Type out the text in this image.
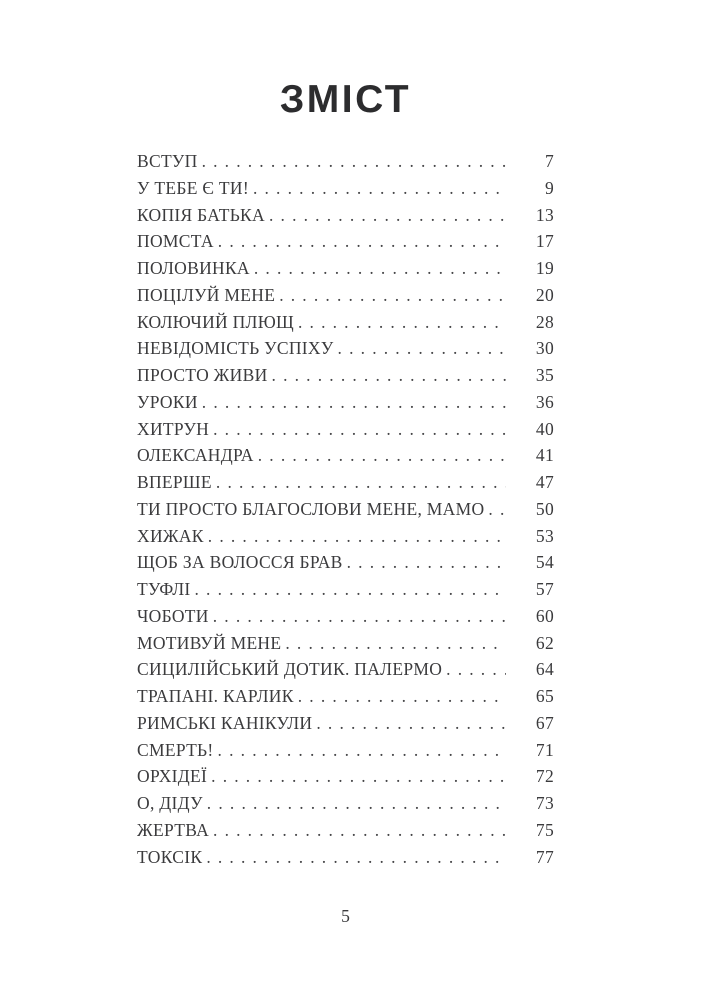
ЗМІСТ
ВСТУП . . .	7
У ТЕБЕ Є ТИ! . . .	9
КОПІЯ БАТЬКА . . .	13
ПОМСТА . . .	17
ПОЛОВИНКА . . .	19
ПОЦІЛУЙ МЕНЕ . . .	20
КОЛЮЧИЙ ПЛЮЩ . . .	28
НЕВІДОМІСТЬ УСПІХУ . . .	30
ПРОСТО ЖИВИ . . .	35
УРОКИ . . .	36
ХИТРУН . . .	40
ОЛЕКСАНДРА . . .	41
ВПЕРШЕ . . .	47
ТИ ПРОСТО БЛАГОСЛОВИ МЕНЕ, МАМО . . .	50
ХИЖАК . . .	53
ЩОБ ЗА ВОЛОССЯ БРАВ . . .	54
ТУФЛІ . . .	57
ЧОБОТИ . . .	60
МОТИВУЙ МЕНЕ . . .	62
СИЦИЛІЙСЬКИЙ ДОТИК. ПАЛЕРМО . . .	64
ТРАПАНІ. КАРЛИК . . .	65
РИМСЬКІ КАНІКУЛИ . . .	67
СМЕРТЬ! . . .	71
ОРХІДЕЇ . . .	72
О, ДІДУ . . .	73
ЖЕРТВА . . .	75
ТОКСІК . . .	77
5
